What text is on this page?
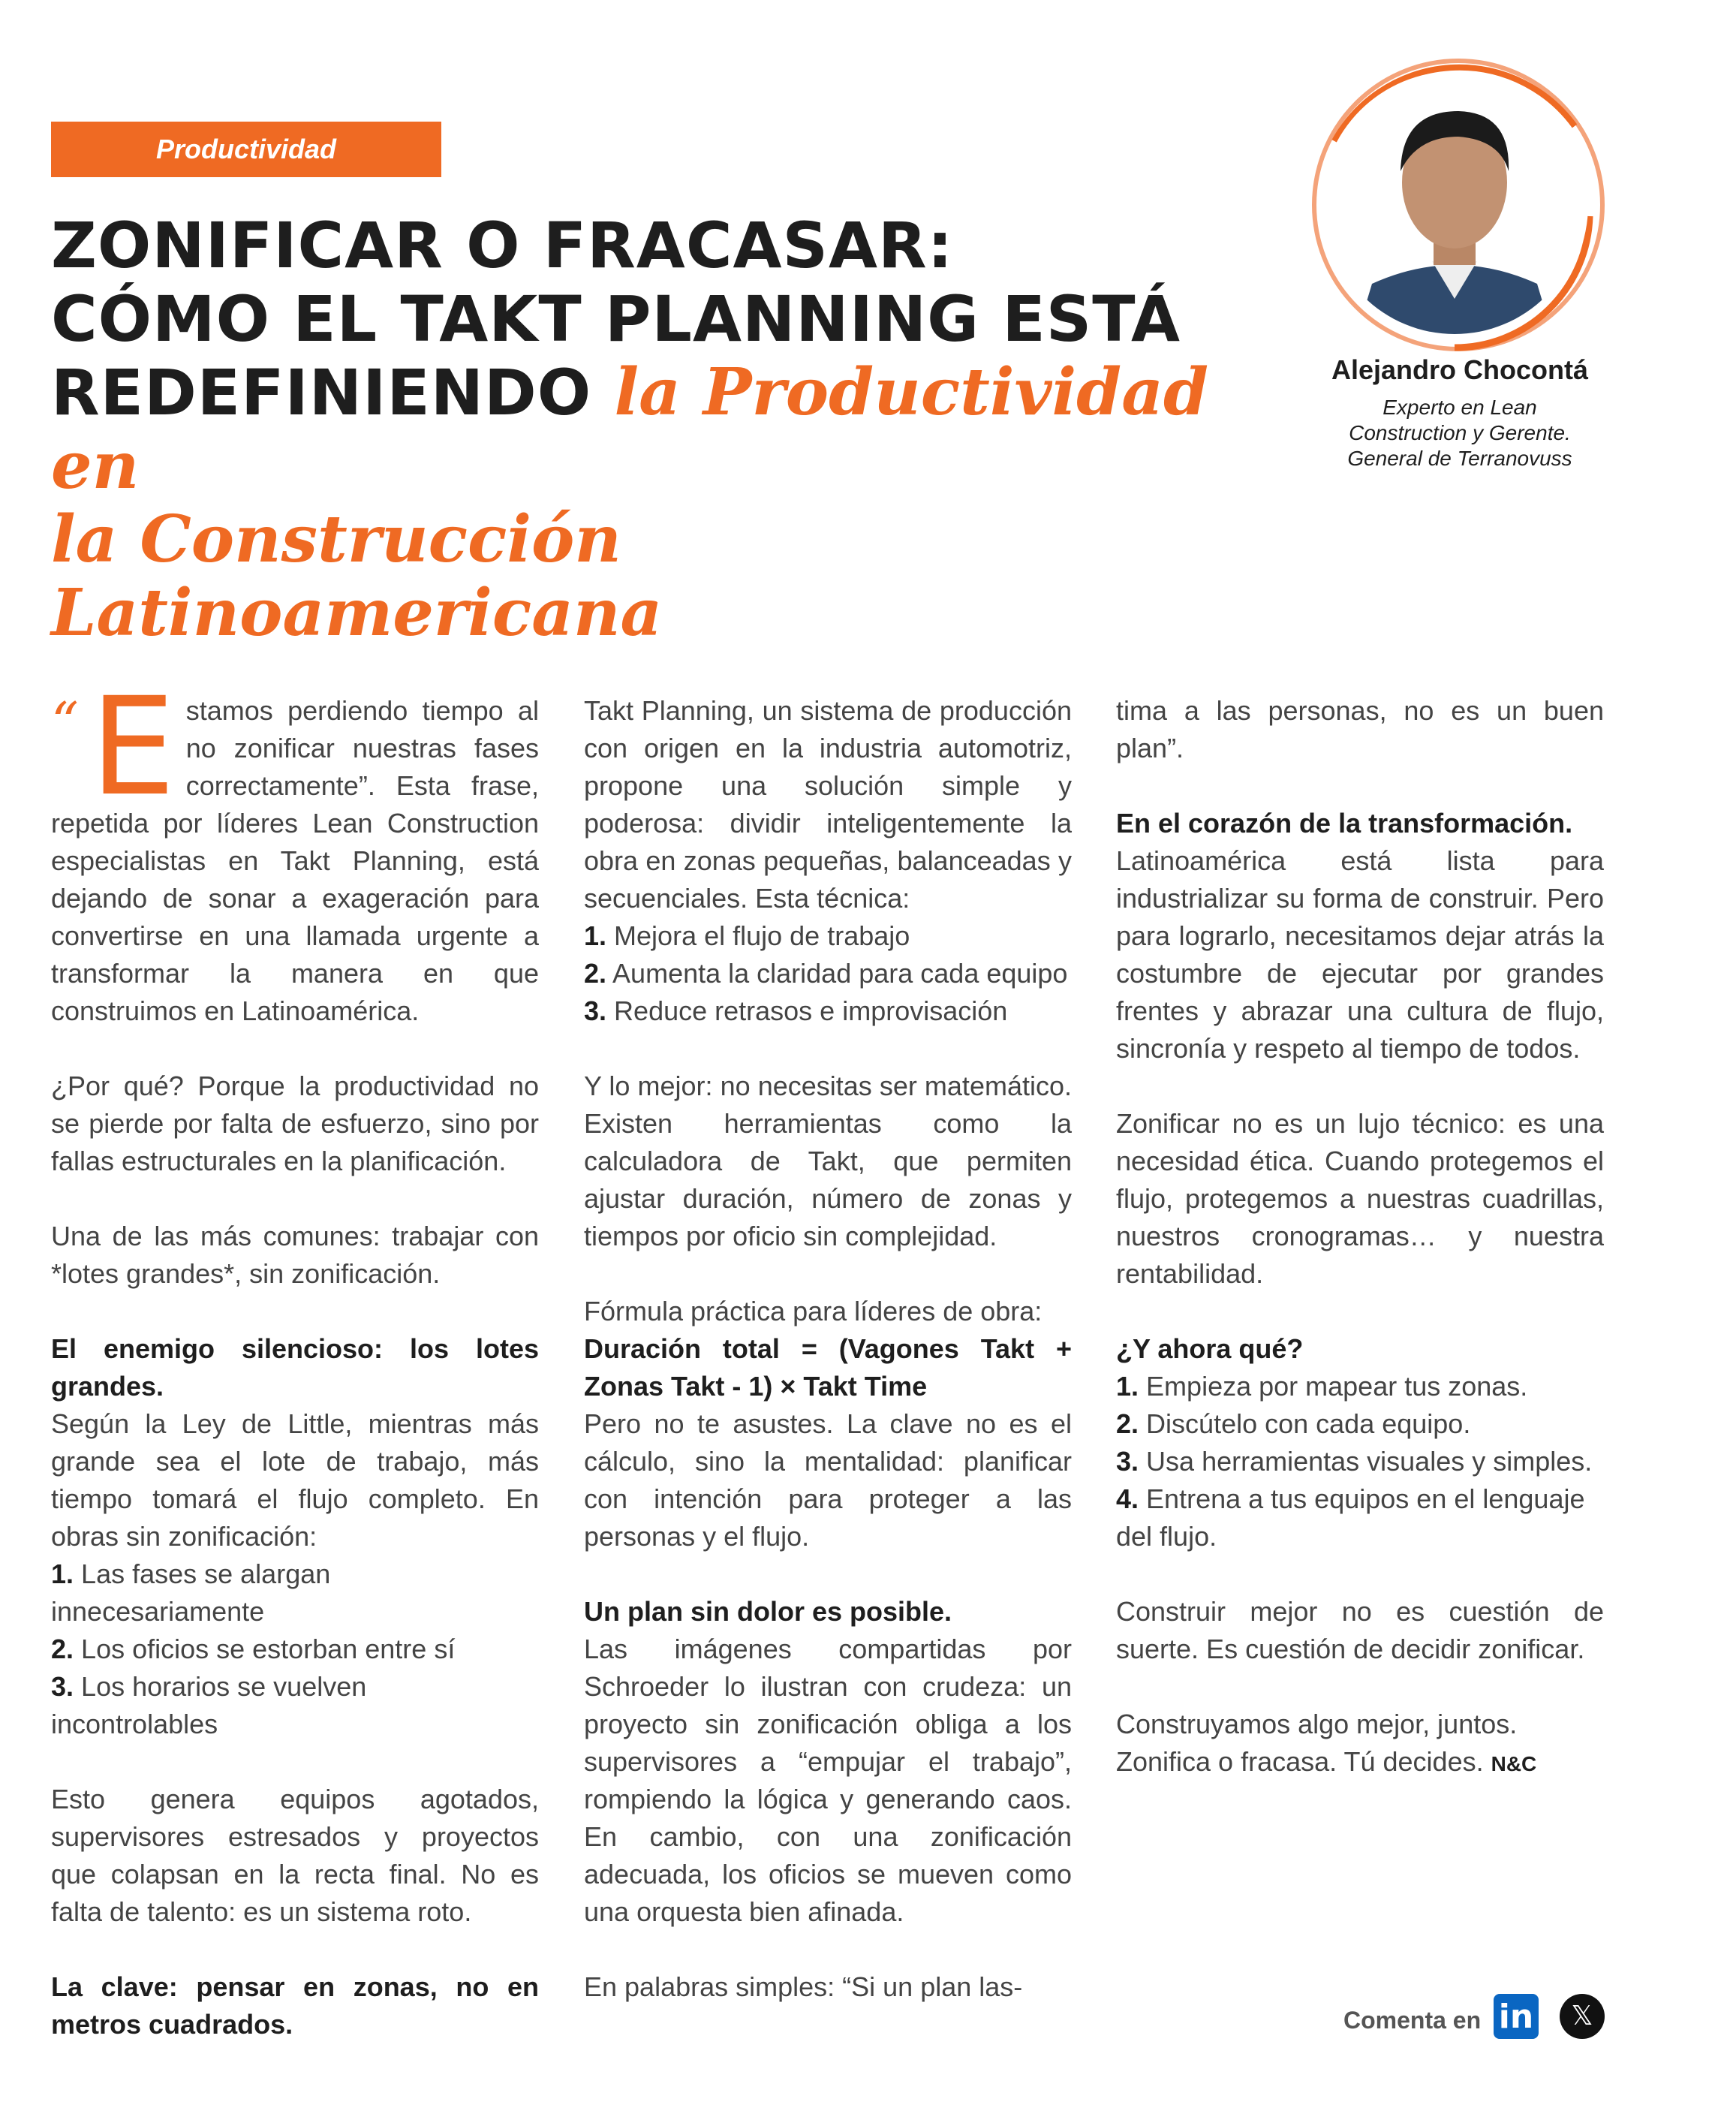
Productividad
ZONIFICAR O FRACASAR:
CÓMO EL TAKT PLANNING ESTÁ
REDEFINIENDO la Productividad en
la Construcción Latinoamericana
Alejandro Chocontá
Experto en Lean
Construction y Gerente.
General de Terranovuss

“ E stamos perdiendo tiempo al no zonificar nuestras fases correctamente”. Esta frase, repetida por líderes Lean Construction especialistas en Takt Planning, está dejando de sonar a exageración para convertirse en una llamada urgente a transformar la manera en que construimos en Latinoamérica.

¿Por qué? Porque la productividad no se pierde por falta de esfuerzo, sino por fallas estructurales en la planificación.

Una de las más comunes: trabajar con *lotes grandes*, sin zonificación.

El enemigo silencioso: los lotes grandes.

Según la Ley de Little, mientras más grande sea el lote de trabajo, más tiempo tomará el flujo completo. En obras sin zonificación:

1. Las fases se alargan innecesariamente
2. Los oficios se estorban entre sí
3. Los horarios se vuelven incontrolables

Esto genera equipos agotados, supervisores estresados y proyectos que colapsan en la recta final. No es falta de talento: es un sistema roto.

La clave: pensar en zonas, no en metros cuadrados.

Takt Planning, un sistema de producción con origen en la industria automotriz, propone una solución simple y poderosa: dividir inteligentemente la obra en zonas pequeñas, balanceadas y secuenciales. Esta técnica:

1. Mejora el flujo de trabajo
2. Aumenta la claridad para cada equipo
3. Reduce retrasos e improvisación

Y lo mejor: no necesitas ser matemático. Existen herramientas como la calculadora de Takt, que permiten ajustar duración, número de zonas y tiempos por oficio sin complejidad.

Fórmula práctica para líderes de obra:

Duración total = (Vagones Takt + Zonas Takt - 1) × Takt Time

Pero no te asustes. La clave no es el cálculo, sino la mentalidad: planificar con intención para proteger a las personas y el flujo.

Un plan sin dolor es posible.

Las imágenes compartidas por Schroeder lo ilustran con crudeza: un proyecto sin zonificación obliga a los supervisores a “empujar el trabajo”, rompiendo la lógica y generando caos. En cambio, con una zonificación adecuada, los oficios se mueven como una orquesta bien afinada.

En palabras simples: “Si un plan las-

tima a las personas, no es un buen plan”.

En el corazón de la transformación.

Latinoamérica está lista para industrializar su forma de construir. Pero para lograrlo, necesitamos dejar atrás la costumbre de ejecutar por grandes frentes y abrazar una cultura de flujo, sincronía y respeto al tiempo de todos.

Zonificar no es un lujo técnico: es una necesidad ética. Cuando protegemos el flujo, protegemos a nuestras cuadrillas, nuestros cronogramas… y nuestra rentabilidad.

¿Y ahora qué?

1. Empieza por mapear tus zonas.
2. Discútelo con cada equipo.
3. Usa herramientas visuales y simples.
4. Entrena a tus equipos en el lenguaje del flujo.

Construir mejor no es cuestión de suerte. Es cuestión de decidir zonificar.

Construyamos algo mejor, juntos.
Zonifica o fracasa. Tú decides. N&C

Comenta en in	𝕏
